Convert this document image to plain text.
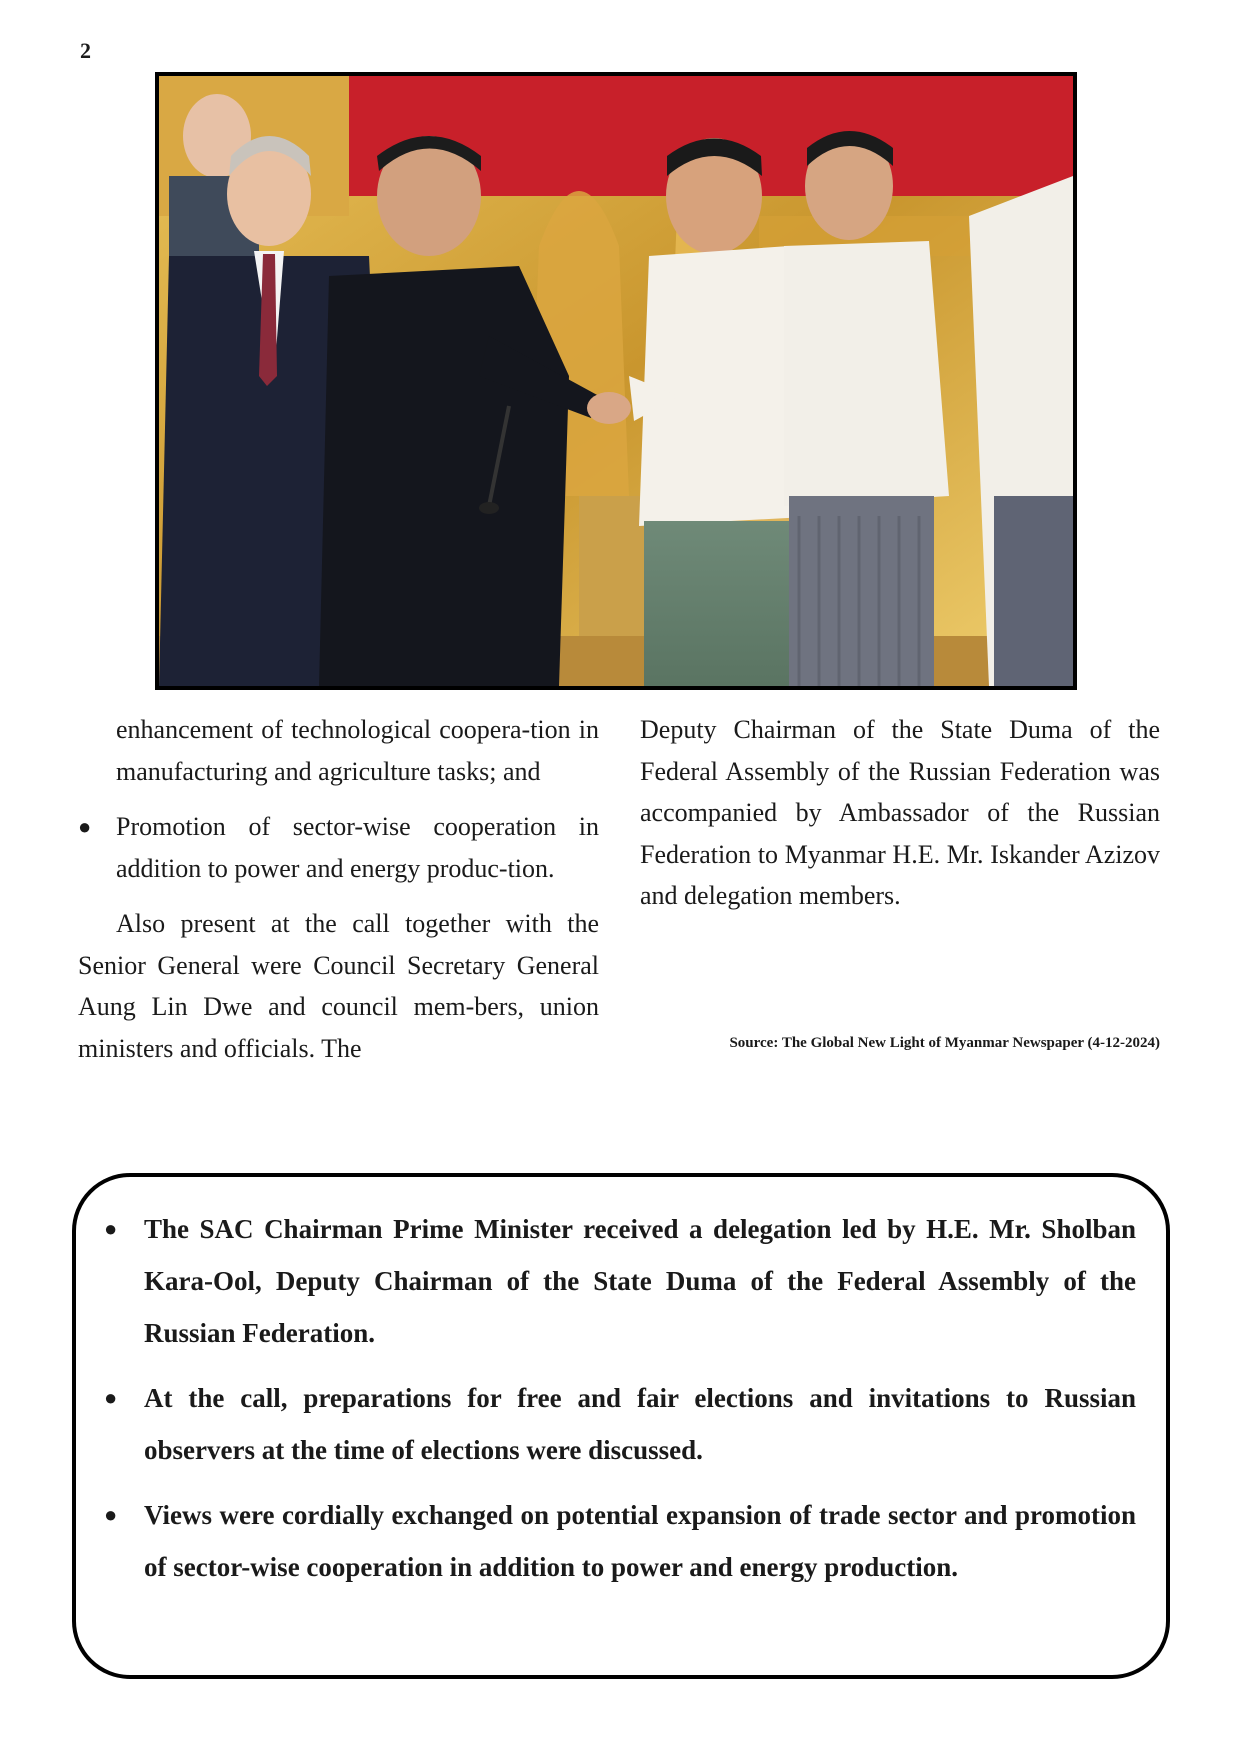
2

enhancement of technological coopera-tion in manufacturing and agriculture tasks; and

● Promotion of sector-wise cooperation in addition to power and energy produc-tion.

Also present at the call together with the Senior General were Council Secretary General Aung Lin Dwe and council mem-bers, union ministers and officials. The

Deputy Chairman of the State Duma of the Federal Assembly of the Russian Federation was accompanied by Ambassador of the Russian Federation to Myanmar H.E. Mr. Iskander Azizov and delegation members.

Source: The Global New Light of Myanmar Newspaper (4-12-2024)
● The SAC Chairman Prime Minister received a delegation led by H.E. Mr. Sholban Kara-Ool, Deputy Chairman of the State Duma of the Federal Assembly of the Russian Federation.
● At the call, preparations for free and fair elections and invitations to Russian observers at the time of elections were discussed.
● Views were cordially exchanged on potential expansion of trade sector and promotion of sector-wise cooperation in addition to power and energy production.
